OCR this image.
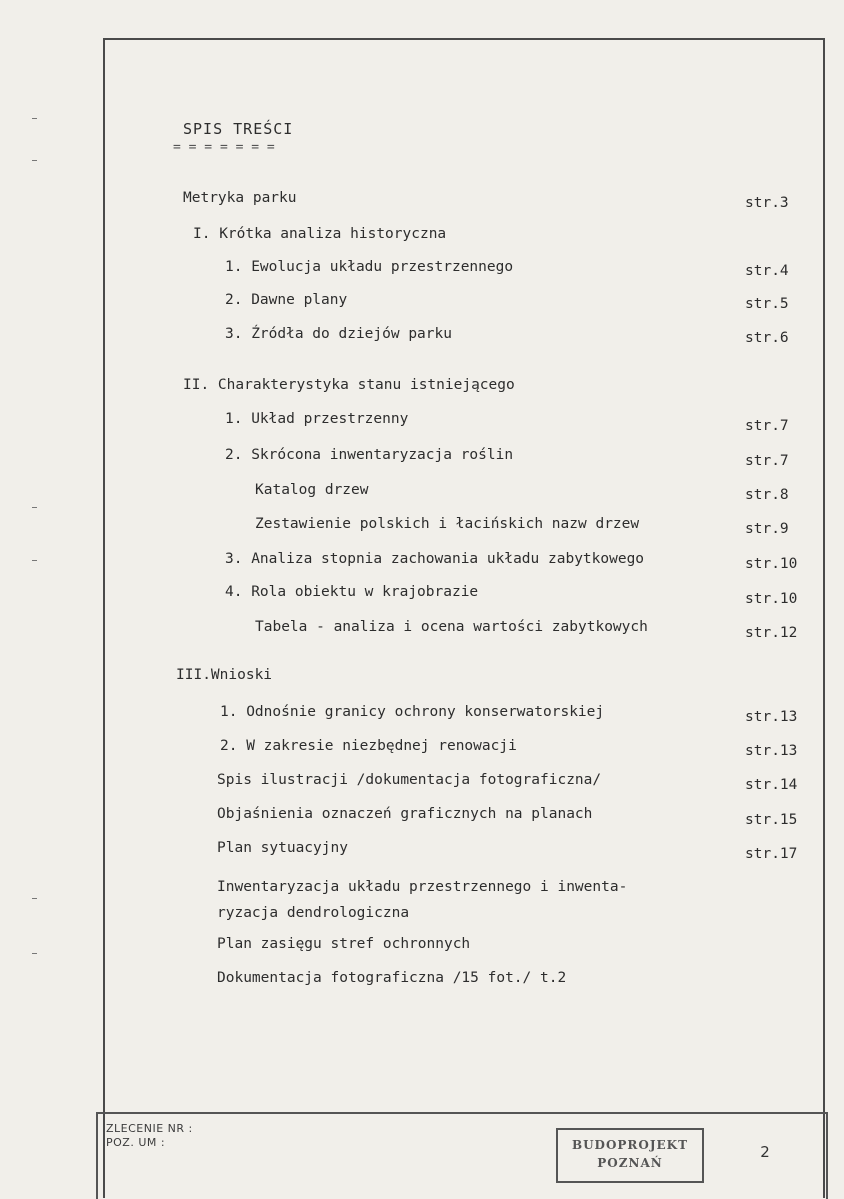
SPIS TREŚCI
= = = = = = =
Metryka parku	str.3
I. Krótka analiza historyczna
1. Ewolucja układu przestrzennego	str.4
2. Dawne plany	str.5
3. Źródła do dziejów parku	str.6
II. Charakterystyka stanu istniejącego
1. Układ przestrzenny	str.7
2. Skrócona inwentaryzacja roślin	str.7
Katalog drzew	str.8
Zestawienie polskich i łacińskich nazw drzew	str.9
3. Analiza stopnia zachowania układu zabytkowego	str.10
4. Rola obiektu w krajobrazie	str.10
Tabela - analiza i ocena wartości zabytkowych	str.12
III.Wnioski
1. Odnośnie granicy ochrony konserwatorskiej	str.13
2. W zakresie niezbędnej renowacji	str.13
Spis ilustracji /dokumentacja fotograficzna/	str.14
Objaśnienia oznaczeń graficznych na planach	str.15
Plan sytuacyjny	str.17
Inwentaryzacja układu przestrzennego i inwenta-
ryzacja dendrologiczna
Plan zasięgu stref ochronnych
Dokumentacja fotograficzna /15 fot./ t.2
ZLECENIE NR :
POZ. UM :	BUDOPROJEKT
POZNAŃ
2
